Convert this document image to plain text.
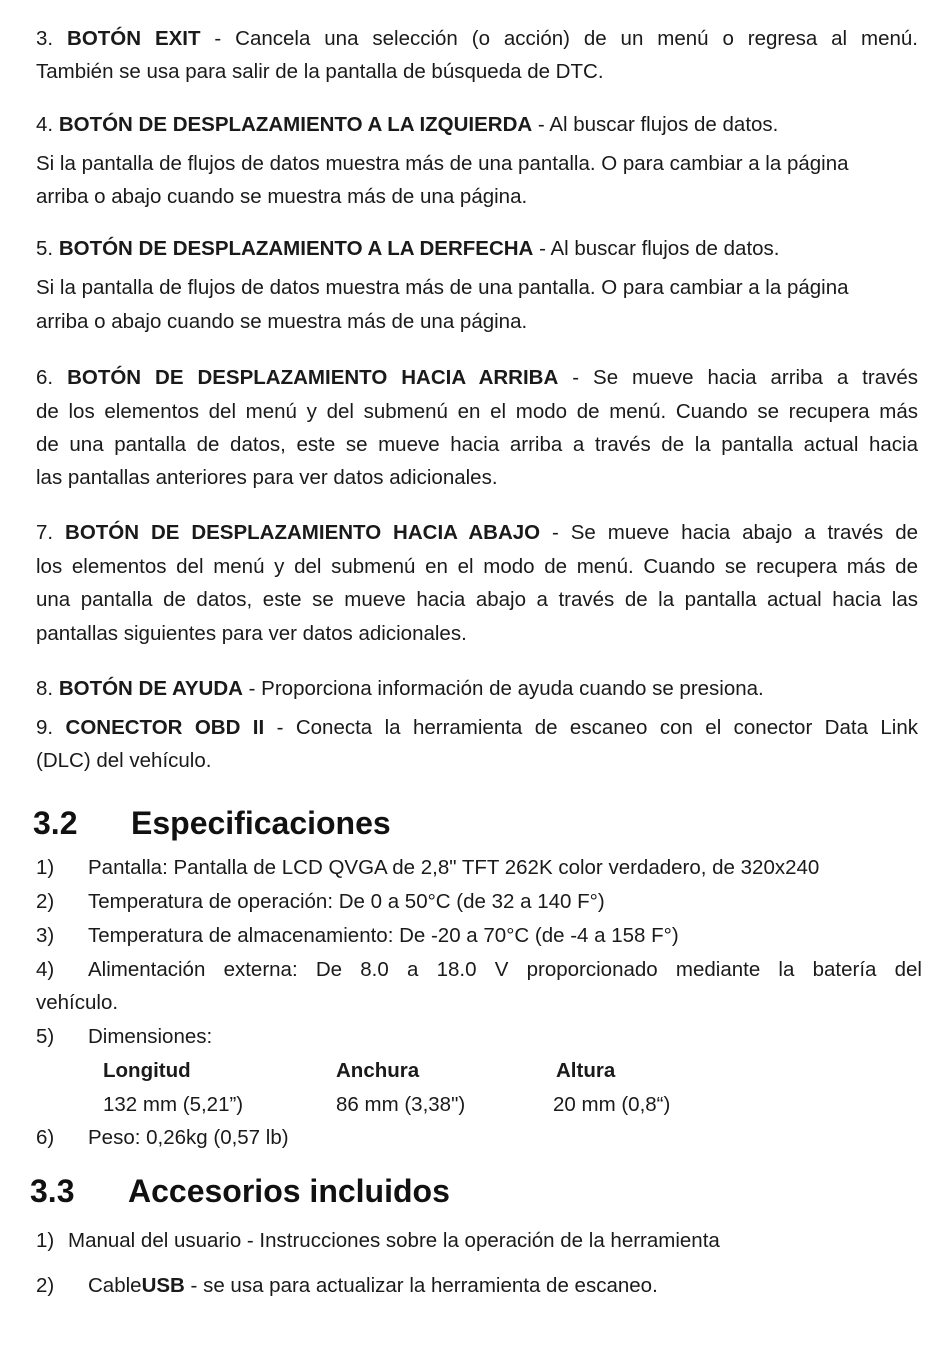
3. BOTÓN EXIT - Cancela una selección (o acción) de un menú o regresa al menú.

También se usa para salir de la pantalla de búsqueda de DTC.

4. BOTÓN DE DESPLAZAMIENTO A LA IZQUIERDA - Al buscar flujos de datos.

Si la pantalla de flujos de datos muestra más de una pantalla. O para cambiar a la página

arriba o abajo cuando se muestra más de una página.

5. BOTÓN DE DESPLAZAMIENTO A LA DERFECHA - Al buscar flujos de datos.

Si la pantalla de flujos de datos muestra más de una pantalla. O para cambiar a la página

arriba o abajo cuando se muestra más de una página.

6. BOTÓN DE DESPLAZAMIENTO HACIA ARRIBA - Se mueve hacia arriba a través

de los elementos del menú y del submenú en el modo de menú. Cuando se recupera más

de una pantalla de datos, este se mueve hacia arriba a través de la pantalla actual hacia

las pantallas anteriores para ver datos adicionales.

7. BOTÓN DE DESPLAZAMIENTO HACIA ABAJO - Se mueve hacia abajo a través de

los elementos del menú y del submenú en el modo de menú. Cuando se recupera más de

una pantalla de datos, este se mueve hacia abajo a través de la pantalla actual hacia las

pantallas siguientes para ver datos adicionales.

8. BOTÓN DE AYUDA - Proporciona información de ayuda cuando se presiona.

9. CONECTOR OBD II - Conecta la herramienta de escaneo con el conector Data Link

(DLC) del vehículo.

3.2 Especificaciones
1) Pantalla: Pantalla de LCD QVGA de 2,8" TFT 262K color verdadero, de 320x240
2) Temperatura de operación: De 0 a 50°C (de 32 a 140 F°)
3) Temperatura de almacenamiento: De -20 a 70°C (de -4 a 158 F°)
4) Alimentación externa: De 8.0 a 18.0 V proporcionado mediante la batería del
vehículo.
5) Dimensiones:
Longitud	Anchura	Altura
132 mm (5,21”)	86 mm (3,38")	20 mm (0,8“)
6) Peso: 0,26kg (0,57 lb)
3.3 Accesorios incluidos
1) Manual del usuario - Instrucciones sobre la operación de la herramienta
2) CableUSB - se usa para actualizar la herramienta de escaneo.
